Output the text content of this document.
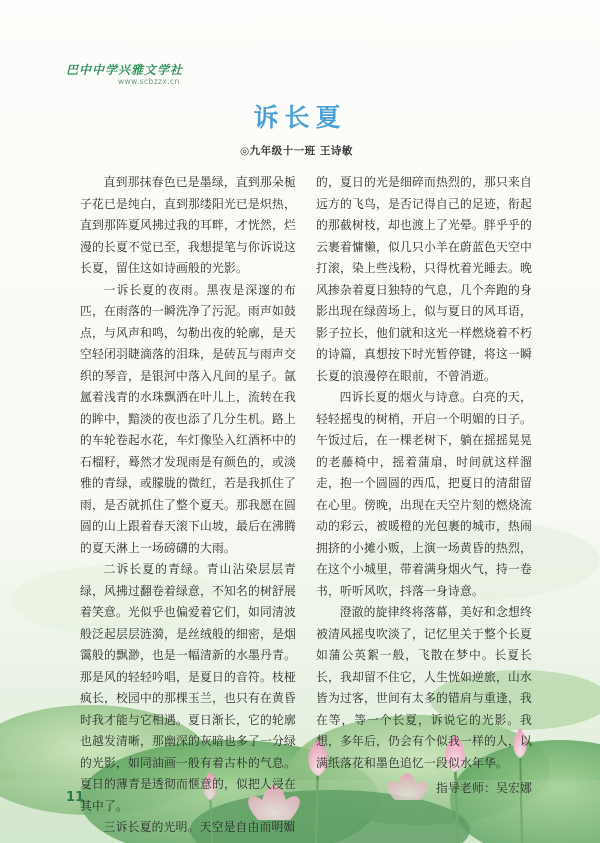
巴中中学兴雅文学社
www.scbzzx.cn
诉长夏
◎九年级十一班 王诗敏

直到那抹春色已是墨绿，直到那朵栀子花已是纯白，直到那缕阳光已是炽热，直到那阵夏风拂过我的耳畔，才恍然，烂漫的长夏不觉已至，我想提笔与你诉说这长夏，留住这如诗画般的光影。

一诉长夏的夜雨。黑夜是深邃的布匹，在雨落的一瞬洗净了污泥。雨声如鼓点，与风声和鸣，勾勒出夜的轮廓，是天空轻闭羽睫滴落的泪珠，是砖瓦与雨声交织的琴音，是银河中落入凡间的星子。氤氲着浅青的水珠飘洒在叶儿上，流转在我的眸中，黯淡的夜也添了几分生机。路上的车轮卷起水花，车灯像坠入红酒杯中的石榴籽，蓦然才发现雨是有颜色的，或淡雅的青绿，或朦胧的微红，若是我抓住了雨，是否就抓住了整个夏天。那我愿在圆圆的山上跟着春天滚下山坡，最后在沸腾的夏天淋上一场磅礴的大雨。

二诉长夏的青绿。青山沾染层层青绿，风拂过翻卷着绿意，不知名的树舒展着笑意。光似乎也偏爱着它们，如同清波般泛起层层涟漪，是丝绒般的细密，是烟霭般的飘渺，也是一幅清新的水墨丹青。那是风的轻轻吟唱，是夏日的音符。枝桠疯长，校园中的那棵玉兰，也只有在黄昏时我才能与它相遇。夏日渐长，它的轮廓也越发清晰，那幽深的灰暗也多了一分绿的光影，如同油画一般有着古朴的气息。夏日的薄青是透彻而惬意的，似把人浸在其中了。

三诉长夏的光明。天空是自由而明媚

的，夏日的光是细碎而热烈的，那只来自远方的飞鸟，是否记得自己的足迹，衔起的那截树枝，却也渡上了光晕。胖乎乎的云裹着慵懒，似几只小羊在蔚蓝色天空中打滚，染上些浅粉，只得枕着光睡去。晚风掺杂着夏日独特的气息，几个奔跑的身影出现在绿茵场上，似与夏日的风耳语，影子拉长，他们就和这光一样燃烧着不朽的诗篇，真想按下时光暂停键，将这一瞬长夏的浪漫停在眼前，不曾消逝。

四诉长夏的烟火与诗意。白亮的天，轻轻摇曳的树梢，开启一个明媚的日子。午饭过后，在一棵老树下，躺在摇摇晃晃的老藤椅中，摇着蒲扇，时间就这样溜走，抱一个圆圆的西瓜，把夏日的清甜留在心里。傍晚，出现在天空片刻的燃烧流动的彩云，被暖橙的光包裹的城市，热闹拥挤的小摊小贩，上演一场黄昏的热烈，在这个小城里，带着满身烟火气，持一卷书，听听风吹，抖落一身诗意。

澄澈的旋律终将落幕，美好和念想终被清风摇曳吹淡了，记忆里关于整个长夏如蒲公英絮一般，飞散在梦中。长夏长长，我却留不住它，人生恍如逆旅，山水皆为过客，世间有太多的错肩与重逢，我在等，等一个长夏，诉说它的光影。我想，多年后，仍会有个似我一样的人，以满纸落花和墨色追忆一段似水年华。

指导老师：吴宏娜
11
